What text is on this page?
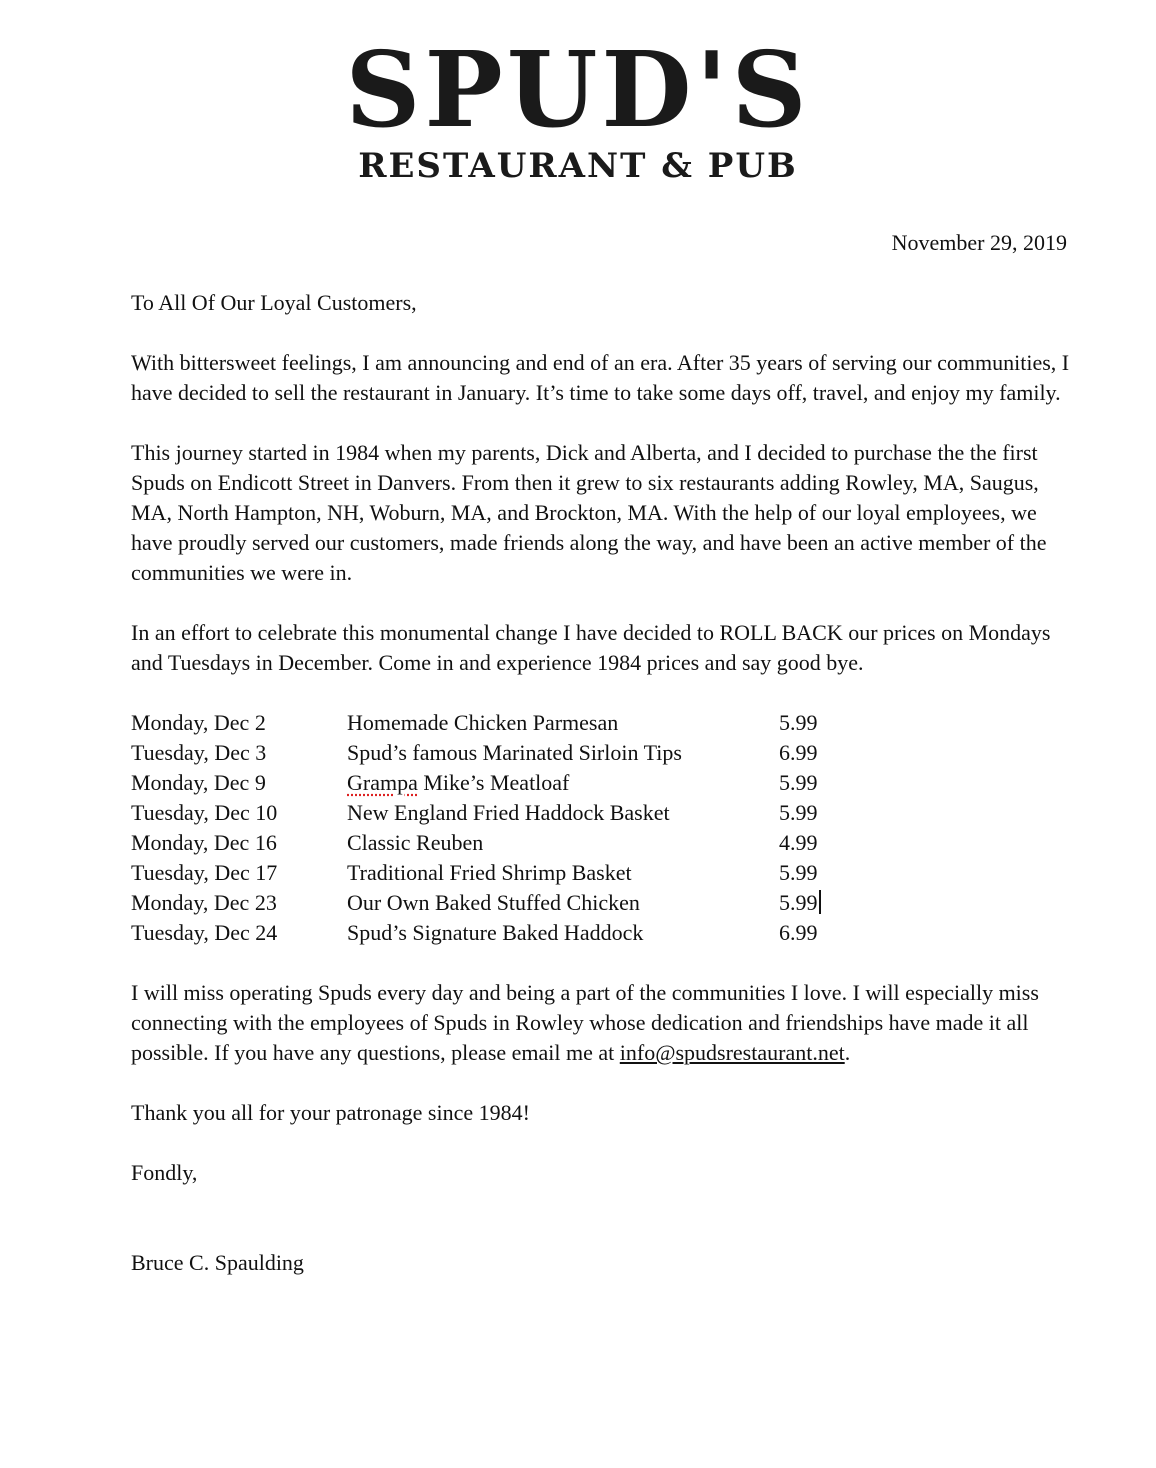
SPUD'S
RESTAURANT & PUB
November 29, 2019

To All Of Our Loyal Customers,

With bittersweet feelings, I am announcing and end of an era. After 35 years of serving our communities, I have decided to sell the restaurant in January. It’s time to take some days off, travel, and enjoy my family.

This journey started in 1984 when my parents, Dick and Alberta, and I decided to purchase the the first Spuds on Endicott Street in Danvers. From then it grew to six restaurants adding Rowley, MA, Saugus, MA, North Hampton, NH, Woburn, MA, and Brockton, MA. With the help of our loyal employees, we have proudly served our customers, made friends along the way, and have been an active member of the communities we were in.

In an effort to celebrate this monumental change I have decided to ROLL BACK our prices on Mondays and Tuesdays in December. Come in and experience 1984 prices and say good bye.

Monday, Dec 2	Homemade Chicken Parmesan	5.99
Tuesday, Dec 3	Spud’s famous Marinated Sirloin Tips	6.99
Monday, Dec 9	Grampa Mike’s Meatloaf	5.99
Tuesday, Dec 10	New England Fried Haddock Basket	5.99
Monday, Dec 16	Classic Reuben	4.99
Tuesday, Dec 17	Traditional Fried Shrimp Basket	5.99
Monday, Dec 23	Our Own Baked Stuffed Chicken	5.99
Tuesday, Dec 24	Spud’s Signature Baked Haddock	6.99

I will miss operating Spuds every day and being a part of the communities I love. I will especially miss connecting with the employees of Spuds in Rowley whose dedication and friendships have made it all possible. If you have any questions, please email me at info@spudsrestaurant.net.

Thank you all for your patronage since 1984!

Fondly,

Bruce C. Spaulding
